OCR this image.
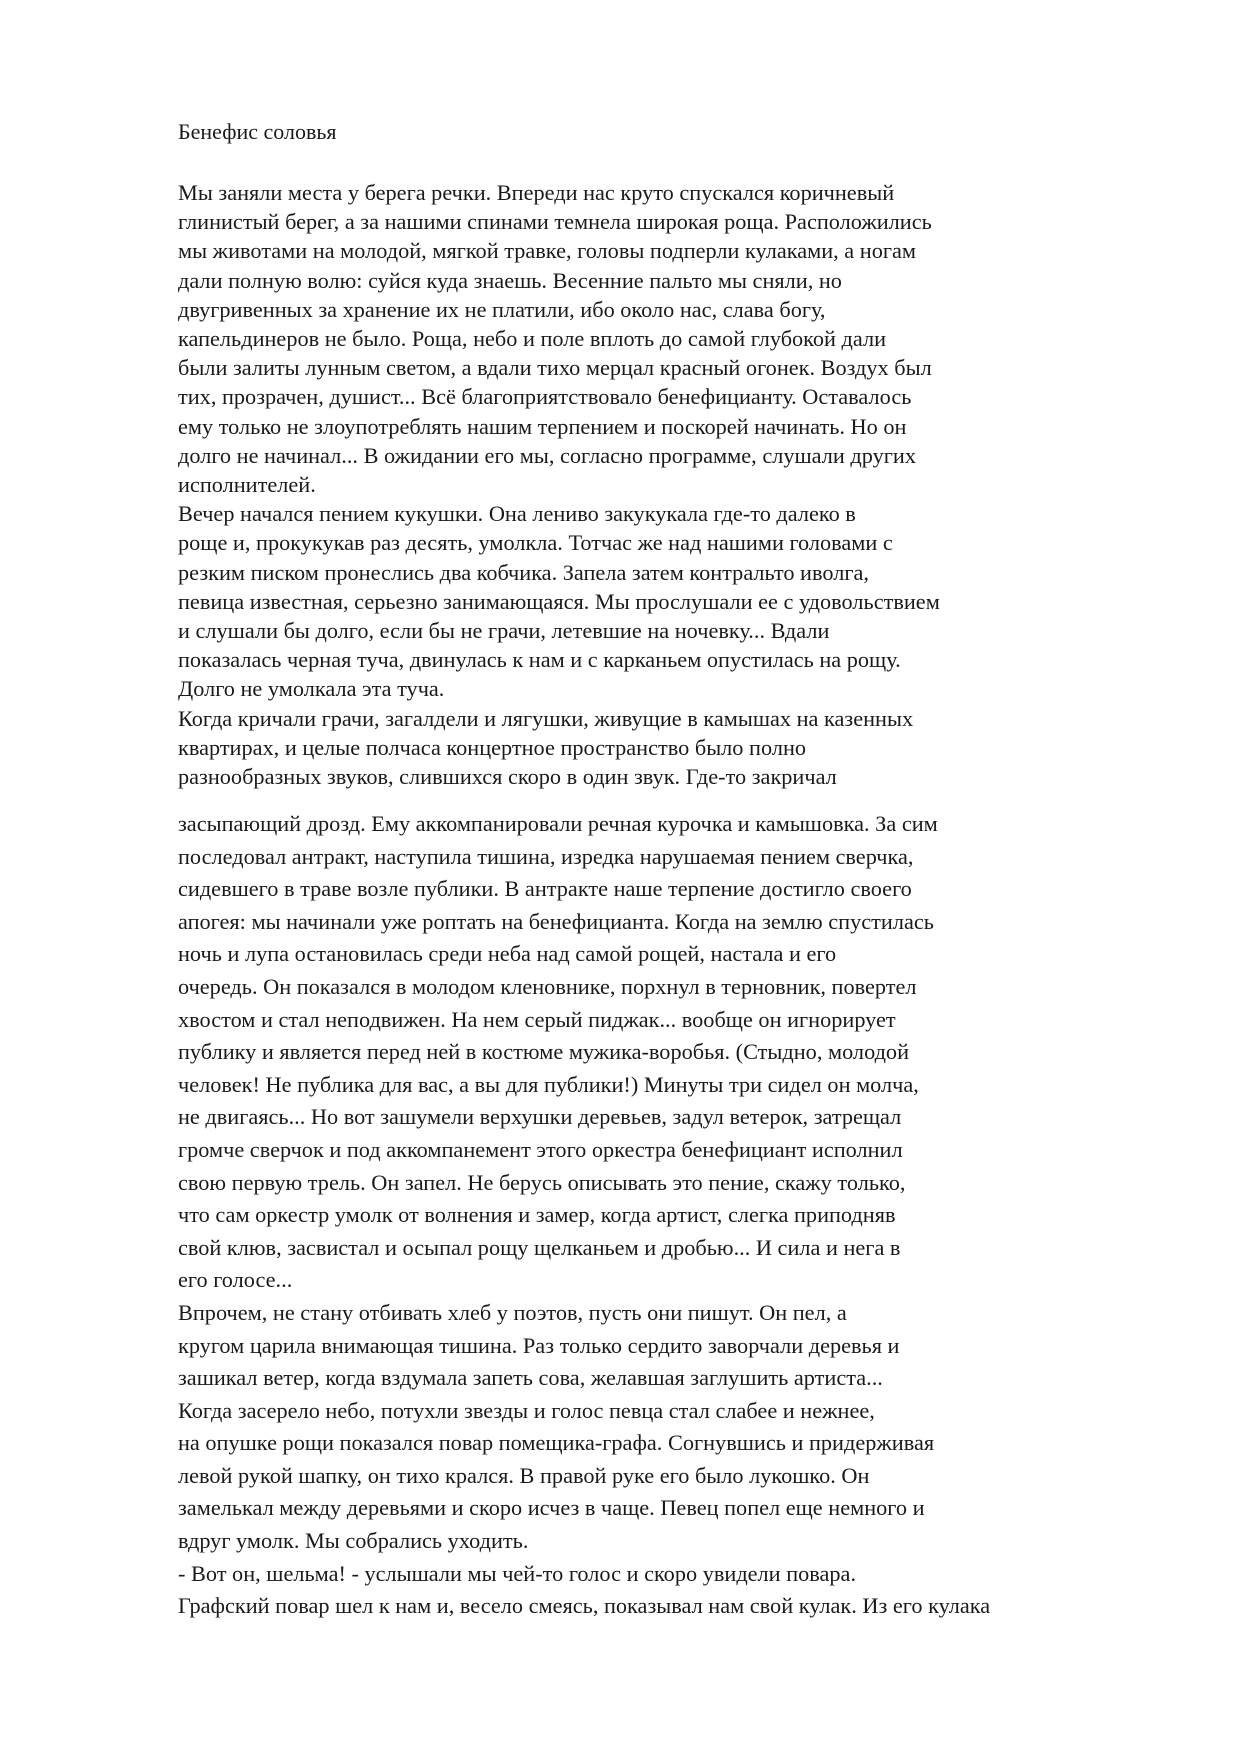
Бенефис соловья
Мы заняли места у берега речки. Впереди нас круто спускался коричневый
глинистый берег, а за нашими спинами темнела широкая роща. Расположились
мы животами на молодой, мягкой травке, головы подперли кулаками, а ногам
дали полную волю: суйся куда знаешь. Весенние пальто мы сняли, но
двугривенных за хранение их не платили, ибо около нас, слава богу,
капельдинеров не было. Роща, небо и поле вплоть до самой глубокой дали
были залиты лунным светом, а вдали тихо мерцал красный огонек. Воздух был
тих, прозрачен, душист... Всё благоприятствовало бенефицианту. Оставалось
ему только не злоупотреблять нашим терпением и поскорей начинать. Но он
долго не начинал... В ожидании его мы, согласно программе, слушали других
исполнителей.
Вечер начался пением кукушки. Она лениво закукукала где-то далеко в
роще и, прокукукав раз десять, умолкла. Тотчас же над нашими головами с
резким писком пронеслись два кобчика. Запела затем контральто иволга,
певица известная, серьезно занимающаяся. Мы прослушали ее с удовольствием
и слушали бы долго, если бы не грачи, летевшие на ночевку... Вдали
показалась черная туча, двинулась к нам и с карканьем опустилась на рощу.
Долго не умолкала эта туча.
Когда кричали грачи, загалдели и лягушки, живущие в камышах на казенных
квартирах, и целые полчаса концертное пространство было полно
разнообразных звуков, слившихся скоро в один звук. Где-то закричал
засыпающий дрозд. Ему аккомпанировали речная курочка и камышовка. За сим
последовал антракт, наступила тишина, изредка нарушаемая пением сверчка,
сидевшего в траве возле публики. В антракте наше терпение достигло своего
апогея: мы начинали уже роптать на бенефицианта. Когда на землю спустилась
ночь и лупа остановилась среди неба над самой рощей, настала и его
очередь. Он показался в молодом кленовнике, порхнул в терновник, повертел
хвостом и стал неподвижен. На нем серый пиджак... вообще он игнорирует
публику и является перед ней в костюме мужика-воробья. (Стыдно, молодой
человек! Не публика для вас, а вы для публики!) Минуты три сидел он молча,
не двигаясь... Но вот зашумели верхушки деревьев, задул ветерок, затрещал
громче сверчок и под аккомпанемент этого оркестра бенефициант исполнил
свою первую трель. Он запел. Не берусь описывать это пение, скажу только,
что сам оркестр умолк от волнения и замер, когда артист, слегка приподняв
свой клюв, засвистал и осыпал рощу щелканьем и дробью... И сила и нега в
его голосе...
Впрочем, не стану отбивать хлеб у поэтов, пусть они пишут. Он пел, а
кругом царила внимающая тишина. Раз только сердито заворчали деревья и
зашикал ветер, когда вздумала запеть сова, желавшая заглушить артиста...
Когда засерело небо, потухли звезды и голос певца стал слабее и нежнее,
на опушке рощи показался повар помещика-графа. Согнувшись и придерживая
левой рукой шапку, он тихо крался. В правой руке его было лукошко. Он
замелькал между деревьями и скоро исчез в чаще. Певец попел еще немного и
вдруг умолк. Мы собрались уходить.
- Вот он, шельма! - услышали мы чей-то голос и скоро увидели повара.
Графский повар шел к нам и, весело смеясь, показывал нам свой кулак. Из его кулака
